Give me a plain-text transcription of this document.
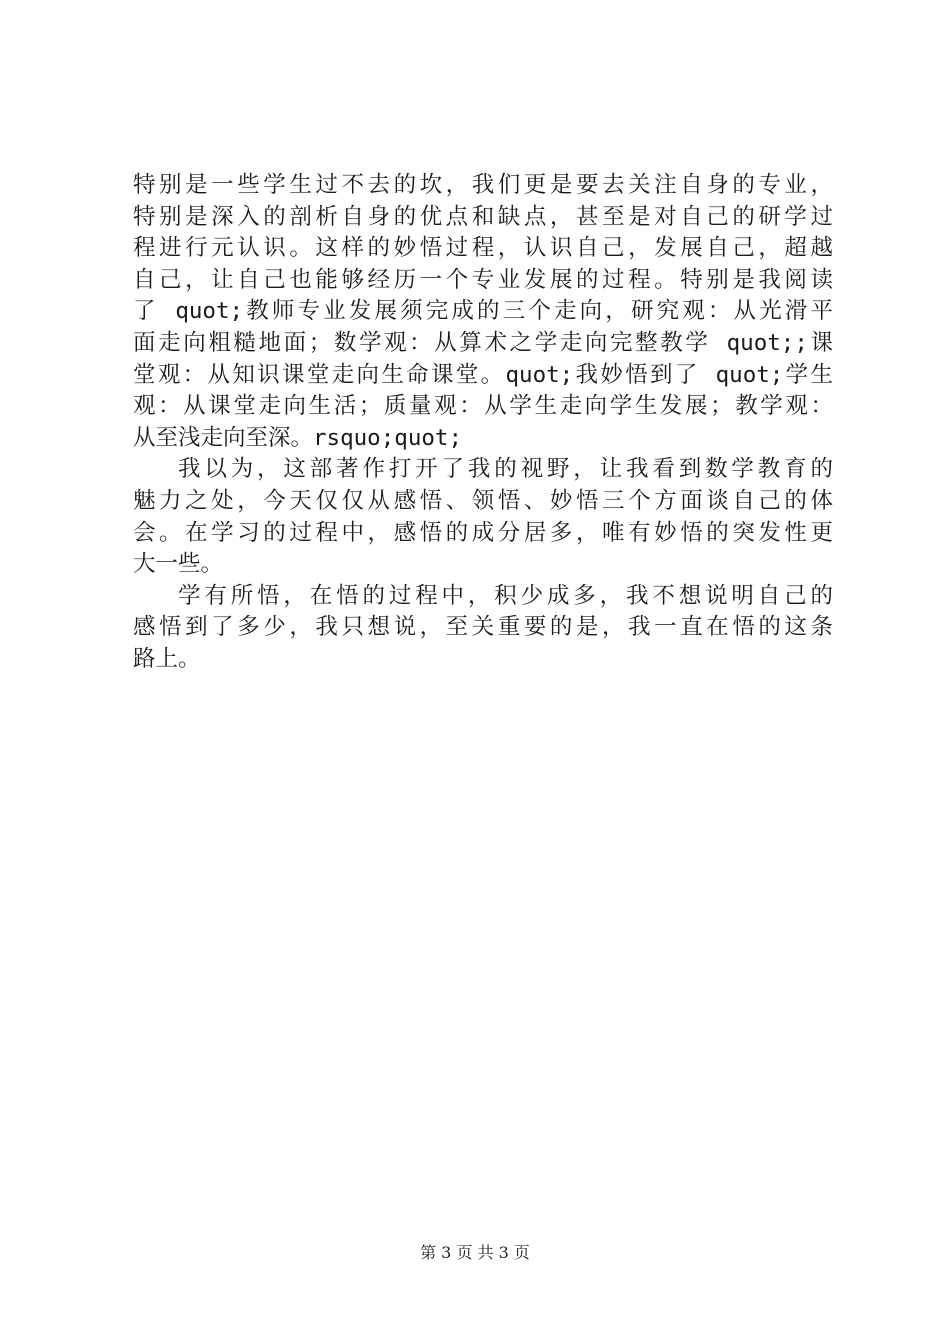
特别是一些学生过不去的坎，我们更是要去关注自身的专业，
特别是深入的剖析自身的优点和缺点，甚至是对自己的研学过
程进行元认识。这样的妙悟过程，认识自己，发展自己，超越
自己，让自己也能够经历一个专业发展的过程。特别是我阅读
了 quot;教师专业发展须完成的三个走向，研究观：从光滑平
面走向粗糙地面；数学观：从算术之学走向完整教学 quot;;课
堂观：从知识课堂走向生命课堂。quot;我妙悟到了 quot;学生
观：从课堂走向生活；质量观：从学生走向学生发展；教学观：
从至浅走向至深。rsquo;quot;
我以为，这部著作打开了我的视野，让我看到数学教育的
魅力之处，今天仅仅从感悟、领悟、妙悟三个方面谈自己的体
会。在学习的过程中，感悟的成分居多，唯有妙悟的突发性更
大一些。
学有所悟，在悟的过程中，积少成多，我不想说明自己的
感悟到了多少，我只想说，至关重要的是，我一直在悟的这条
路上。
第 3 页 共 3 页
